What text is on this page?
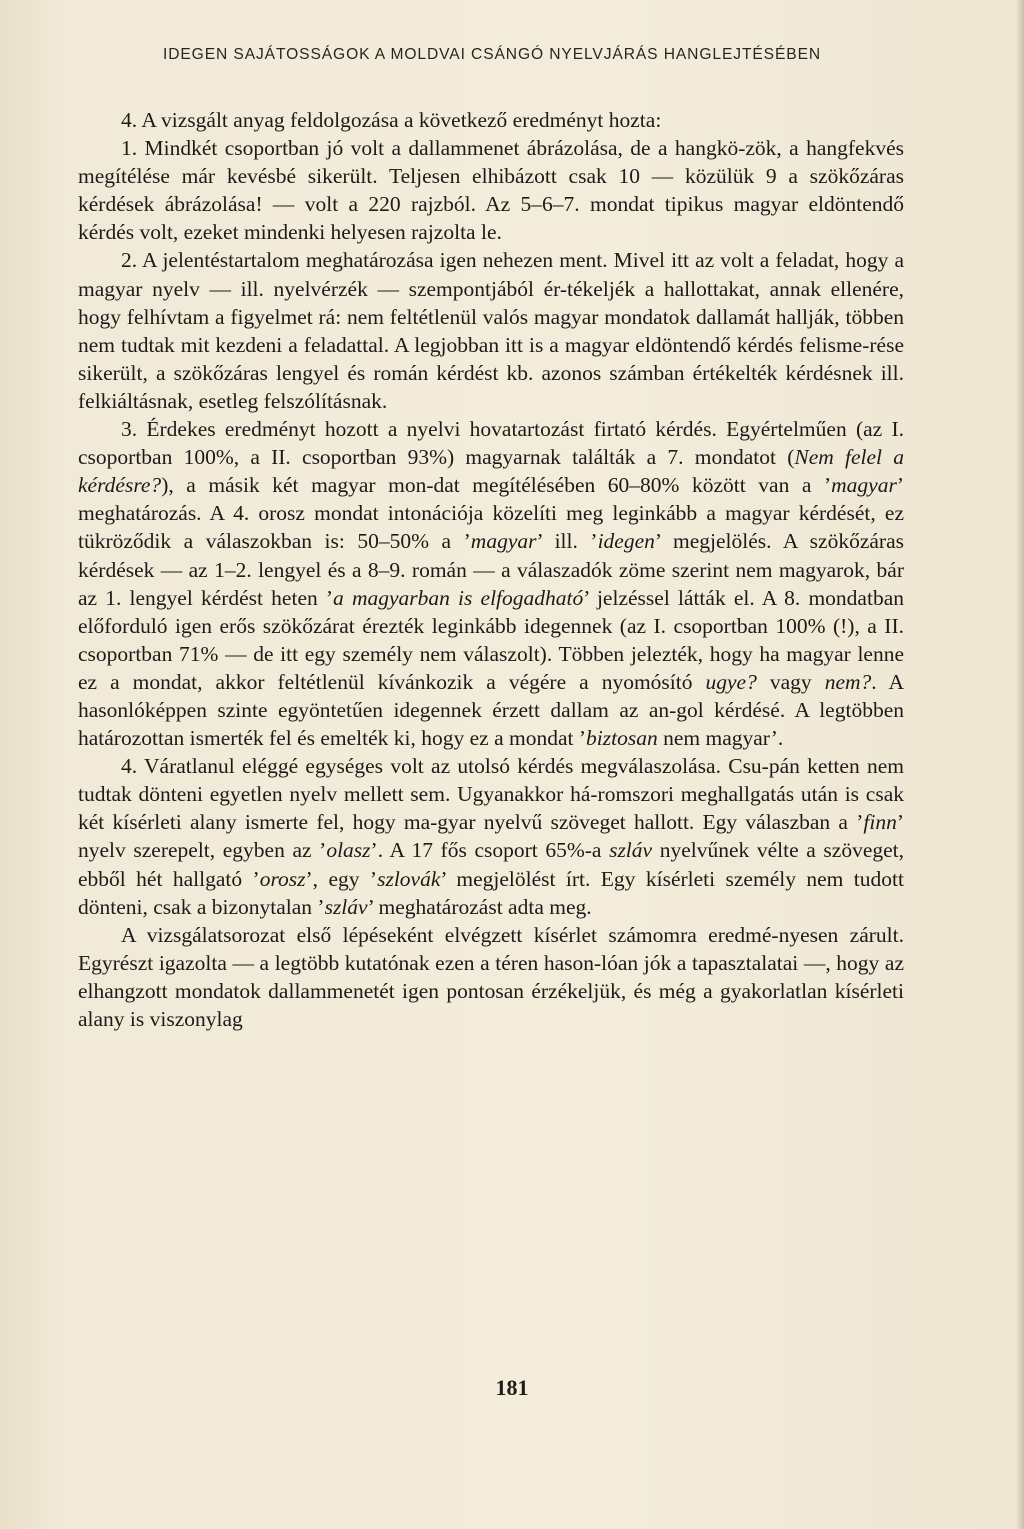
IDEGEN SAJÁTOSSÁGOK A MOLDVAI CSÁNGÓ NYELVJÁRÁS HANGLEJTÉSÉBEN

4. A vizsgált anyag feldolgozása a következő eredményt hozta:

1. Mindkét csoportban jó volt a dallammenet ábrázolása, de a hangkö-zök, a hangfekvés megítélése már kevésbé sikerült. Teljesen elhibázott csak 10 — közülük 9 a szökőzáras kérdések ábrázolása! — volt a 220 rajzból. Az 5–6–7. mondat tipikus magyar eldöntendő kérdés volt, ezeket mindenki helyesen rajzolta le.

2. A jelentéstartalom meghatározása igen nehezen ment. Mivel itt az volt a feladat, hogy a magyar nyelv — ill. nyelvérzék — szempontjából ér-tékeljék a hallottakat, annak ellenére, hogy felhívtam a figyelmet rá: nem feltétlenül valós magyar mondatok dallamát hallják, többen nem tudtak mit kezdeni a feladattal. A legjobban itt is a magyar eldöntendő kérdés felisme-rése sikerült, a szökőzáras lengyel és román kérdést kb. azonos számban értékelték kérdésnek ill. felkiáltásnak, esetleg felszólításnak.

3. Érdekes eredményt hozott a nyelvi hovatartozást firtató kérdés. Egyértelműen (az I. csoportban 100%, a II. csoportban 93%) magyarnak találták a 7. mondatot (Nem felel a kérdésre?), a másik két magyar mon-dat megítélésében 60–80% között van a ’magyar’ meghatározás. A 4. orosz mondat intonációja közelíti meg leginkább a magyar kérdését, ez tükröződik a válaszokban is: 50–50% a ’magyar’ ill. ’idegen’ megjelölés. A szökőzáras kérdések — az 1–2. lengyel és a 8–9. román — a válaszadók zöme szerint nem magyarok, bár az 1. lengyel kérdést heten ’a magyarban is elfogadható’ jelzéssel látták el. A 8. mondatban előforduló igen erős szökőzárat érezték leginkább idegennek (az I. csoportban 100% (!), a II. csoportban 71% — de itt egy személy nem válaszolt). Többen jelezték, hogy ha magyar lenne ez a mondat, akkor feltétlenül kívánkozik a végére a nyomósító ugye? vagy nem?. A hasonlóképpen szinte egyöntetűen idegennek érzett dallam az an-gol kérdésé. A legtöbben határozottan ismerték fel és emelték ki, hogy ez a mondat ’biztosan nem magyar’.

4. Váratlanul eléggé egységes volt az utolsó kérdés megválaszolása. Csu-pán ketten nem tudtak dönteni egyetlen nyelv mellett sem. Ugyanakkor há-romszori meghallgatás után is csak két kísérleti alany ismerte fel, hogy ma-gyar nyelvű szöveget hallott. Egy válaszban a ’finn’ nyelv szerepelt, egyben az ’olasz’. A 17 fős csoport 65%-a szláv nyelvűnek vélte a szöveget, ebből hét hallgató ’orosz’, egy ’szlovák’ megjelölést írt. Egy kísérleti személy nem tudott dönteni, csak a bizonytalan ’szláv’ meghatározást adta meg.

A vizsgálatsorozat első lépéseként elvégzett kísérlet számomra eredmé-nyesen zárult. Egyrészt igazolta — a legtöbb kutatónak ezen a téren hason-lóan jók a tapasztalatai —, hogy az elhangzott mondatok dallammenetét igen pontosan érzékeljük, és még a gyakorlatlan kísérleti alany is viszonylag

181
